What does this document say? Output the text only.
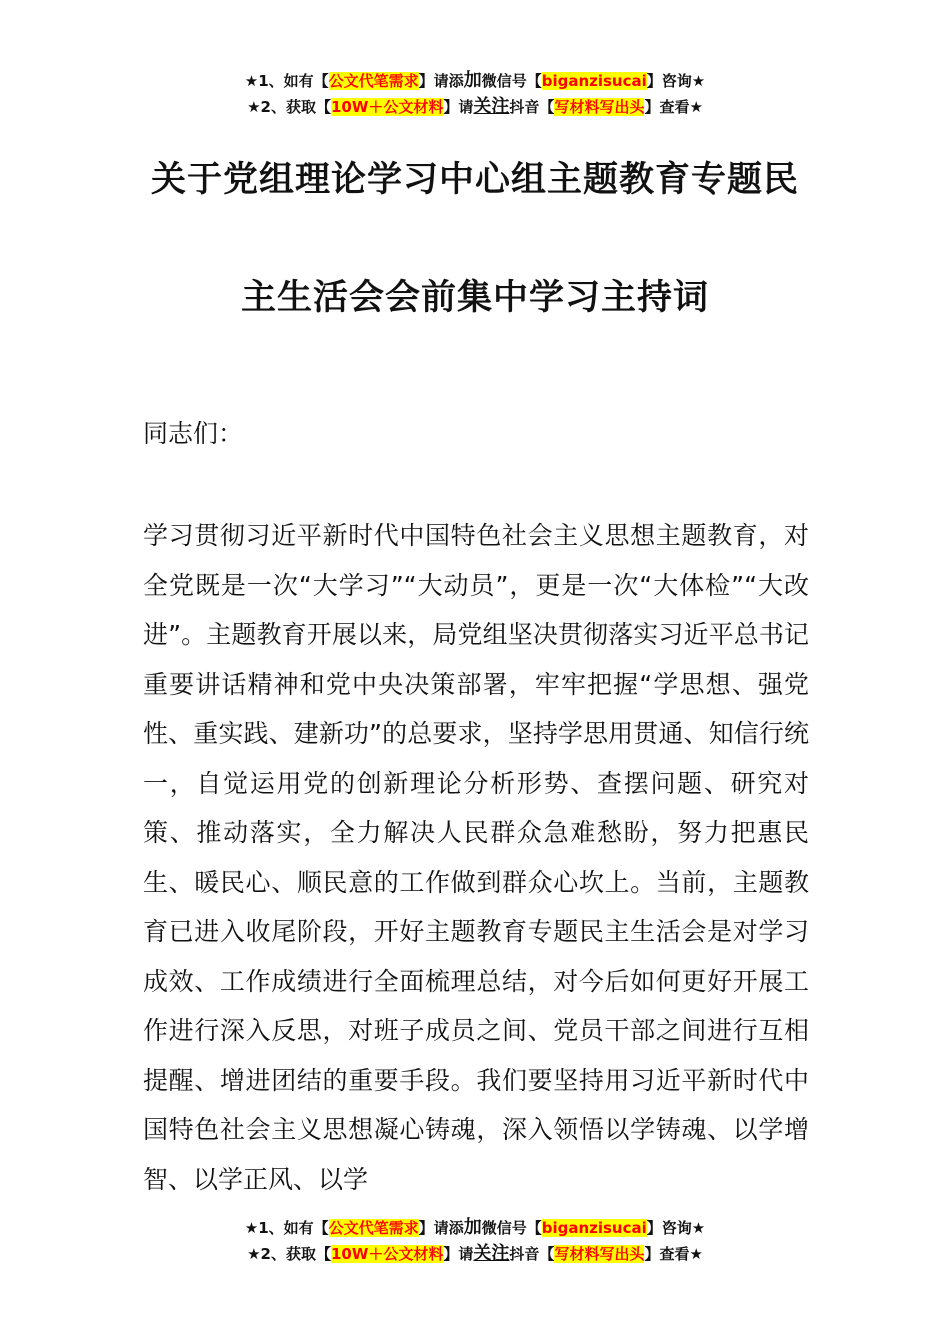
★1、如有【公文代笔需求】请添加微信号【biganzisucai】咨询★
★2、获取【10W＋公文材料】请关注抖音【写材料写出头】查看★
关于党组理论学习中心组主题教育专题民
主生活会会前集中学习主持词
同志们：
学习贯彻习近平新时代中国特色社会主义思想主题教育，对全党既是一次“大学习”“大动员”，更是一次“大体检”“大改进”。主题教育开展以来，局党组坚决贯彻落实习近平总书记重要讲话精神和党中央决策部署，牢牢把握“学思想、强党性、重实践、建新功”的总要求，坚持学思用贯通、知信行统一，自觉运用党的创新理论分析形势、查摆问题、研究对策、推动落实，全力解决人民群众急难愁盼，努力把惠民生、暖民心、顺民意的工作做到群众心坎上。当前，主题教育已进入收尾阶段，开好主题教育专题民主生活会是对学习成效、工作成绩进行全面梳理总结，对今后如何更好开展工作进行深入反思，对班子成员之间、党员干部之间进行互相提醒、增进团结的重要手段。我们要坚持用习近平新时代中国特色社会主义思想凝心铸魂，深入领悟以学铸魂、以学增智、以学正风、以学
★1、如有【公文代笔需求】请添加微信号【biganzisucai】咨询★
★2、获取【10W＋公文材料】请关注抖音【写材料写出头】查看★
